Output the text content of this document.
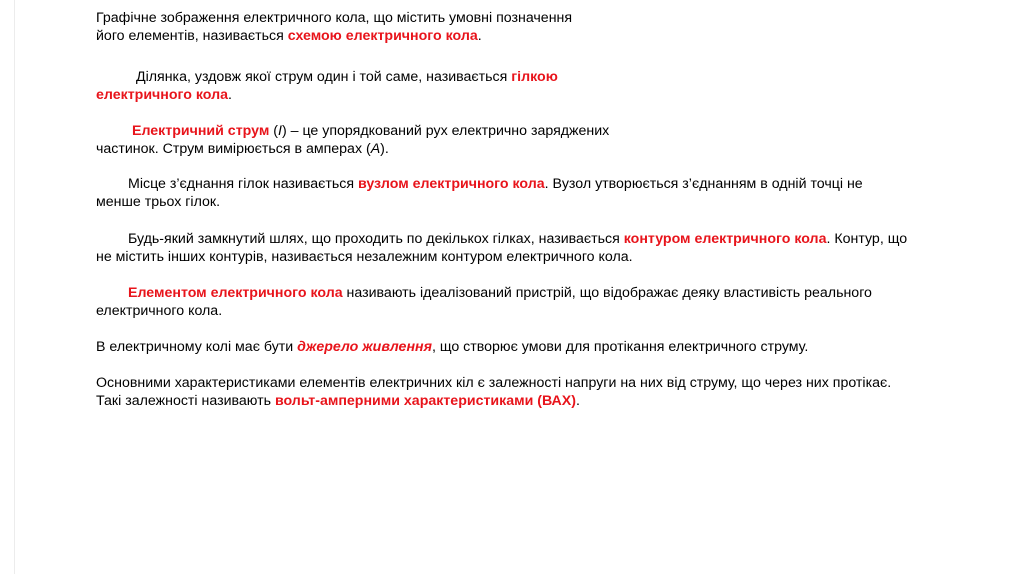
Графічне зображення електричного кола, що містить умовні позначення
його елементів, називається схемою електричного кола.

Ділянка, уздовж якої струм один і той саме, називається гілкою
електричного кола.

Електричний струм (I) – це упорядкований рух електрично заряджених
частинок. Струм вимірюється в амперах (А).

Місце з’єднання гілок називається вузлом електричного кола. Вузол утворюється з’єднанням в одній точці не
менше трьох гілок.

Будь-який замкнутий шлях, що проходить по декількох гілках, називається контуром електричного кола. Контур, що
не містить інших контурів, називається незалежним контуром електричного кола.

Елементом електричного кола називають ідеалізований пристрій, що відображає деяку властивість реального
електричного кола.

В електричному колі має бути джерело живлення, що створює умови для протікання електричного струму.

Основними характеристиками елементів електричних кіл є залежності напруги на них від струму, що через них протікає.
Такі залежності називають вольт-амперними характеристиками (ВАХ).
